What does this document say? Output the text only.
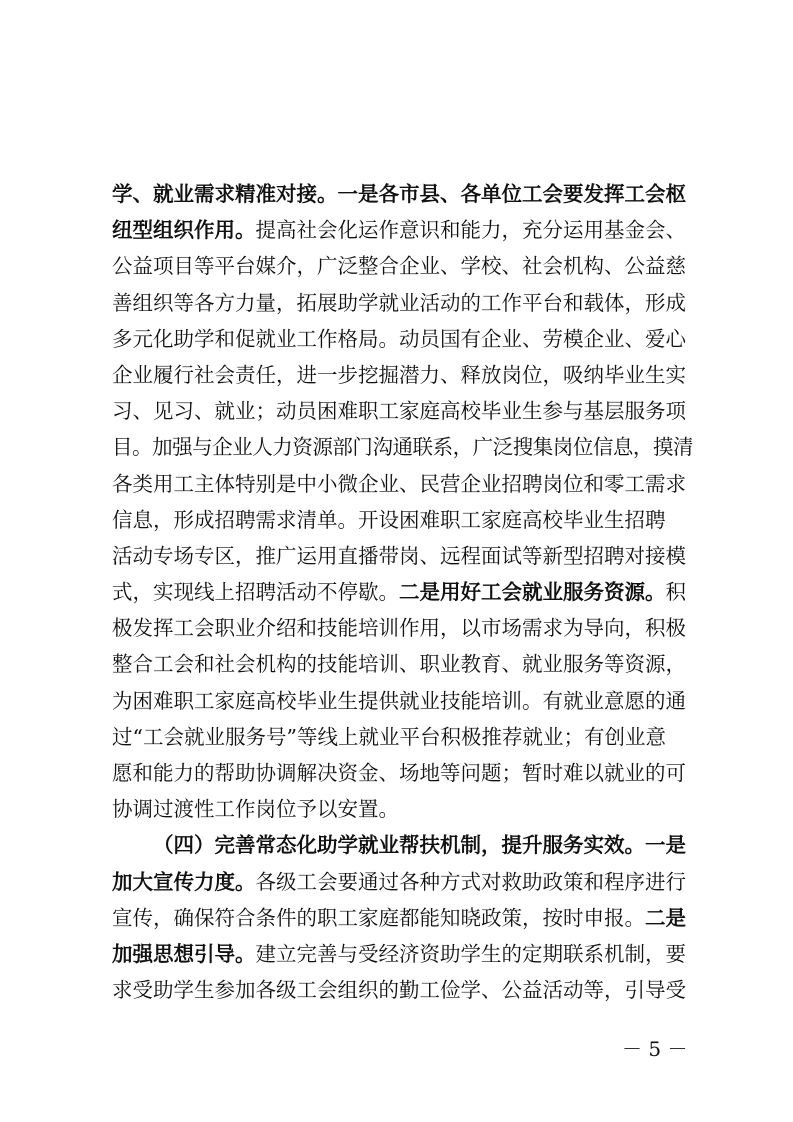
学、就业需求精准对接。一是各市县、各单位工会要发挥工会枢
纽型组织作用。提高社会化运作意识和能力，充分运用基金会、
公益项目等平台媒介，广泛整合企业、学校、社会机构、公益慈
善组织等各方力量，拓展助学就业活动的工作平台和载体，形成
多元化助学和促就业工作格局。动员国有企业、劳模企业、爱心
企业履行社会责任，进一步挖掘潜力、释放岗位，吸纳毕业生实
习、见习、就业；动员困难职工家庭高校毕业生参与基层服务项
目。加强与企业人力资源部门沟通联系，广泛搜集岗位信息，摸清
各类用工主体特别是中小微企业、民营企业招聘岗位和零工需求
信息，形成招聘需求清单。开设困难职工家庭高校毕业生招聘
活动专场专区，推广运用直播带岗、远程面试等新型招聘对接模
式，实现线上招聘活动不停歇。二是用好工会就业服务资源。积
极发挥工会职业介绍和技能培训作用，以市场需求为导向，积极
整合工会和社会机构的技能培训、职业教育、就业服务等资源，
为困难职工家庭高校毕业生提供就业技能培训。有就业意愿的通
过“工会就业服务号”等线上就业平台积极推荐就业；有创业意
愿和能力的帮助协调解决资金、场地等问题；暂时难以就业的可
协调过渡性工作岗位予以安置。

（四）完善常态化助学就业帮扶机制，提升服务实效。一是
加大宣传力度。各级工会要通过各种方式对救助政策和程序进行
宣传，确保符合条件的职工家庭都能知晓政策，按时申报。二是
加强思想引导。建立完善与受经济资助学生的定期联系机制，要
求受助学生参加各级工会组织的勤工俭学、公益活动等，引导受

－ 5 －
